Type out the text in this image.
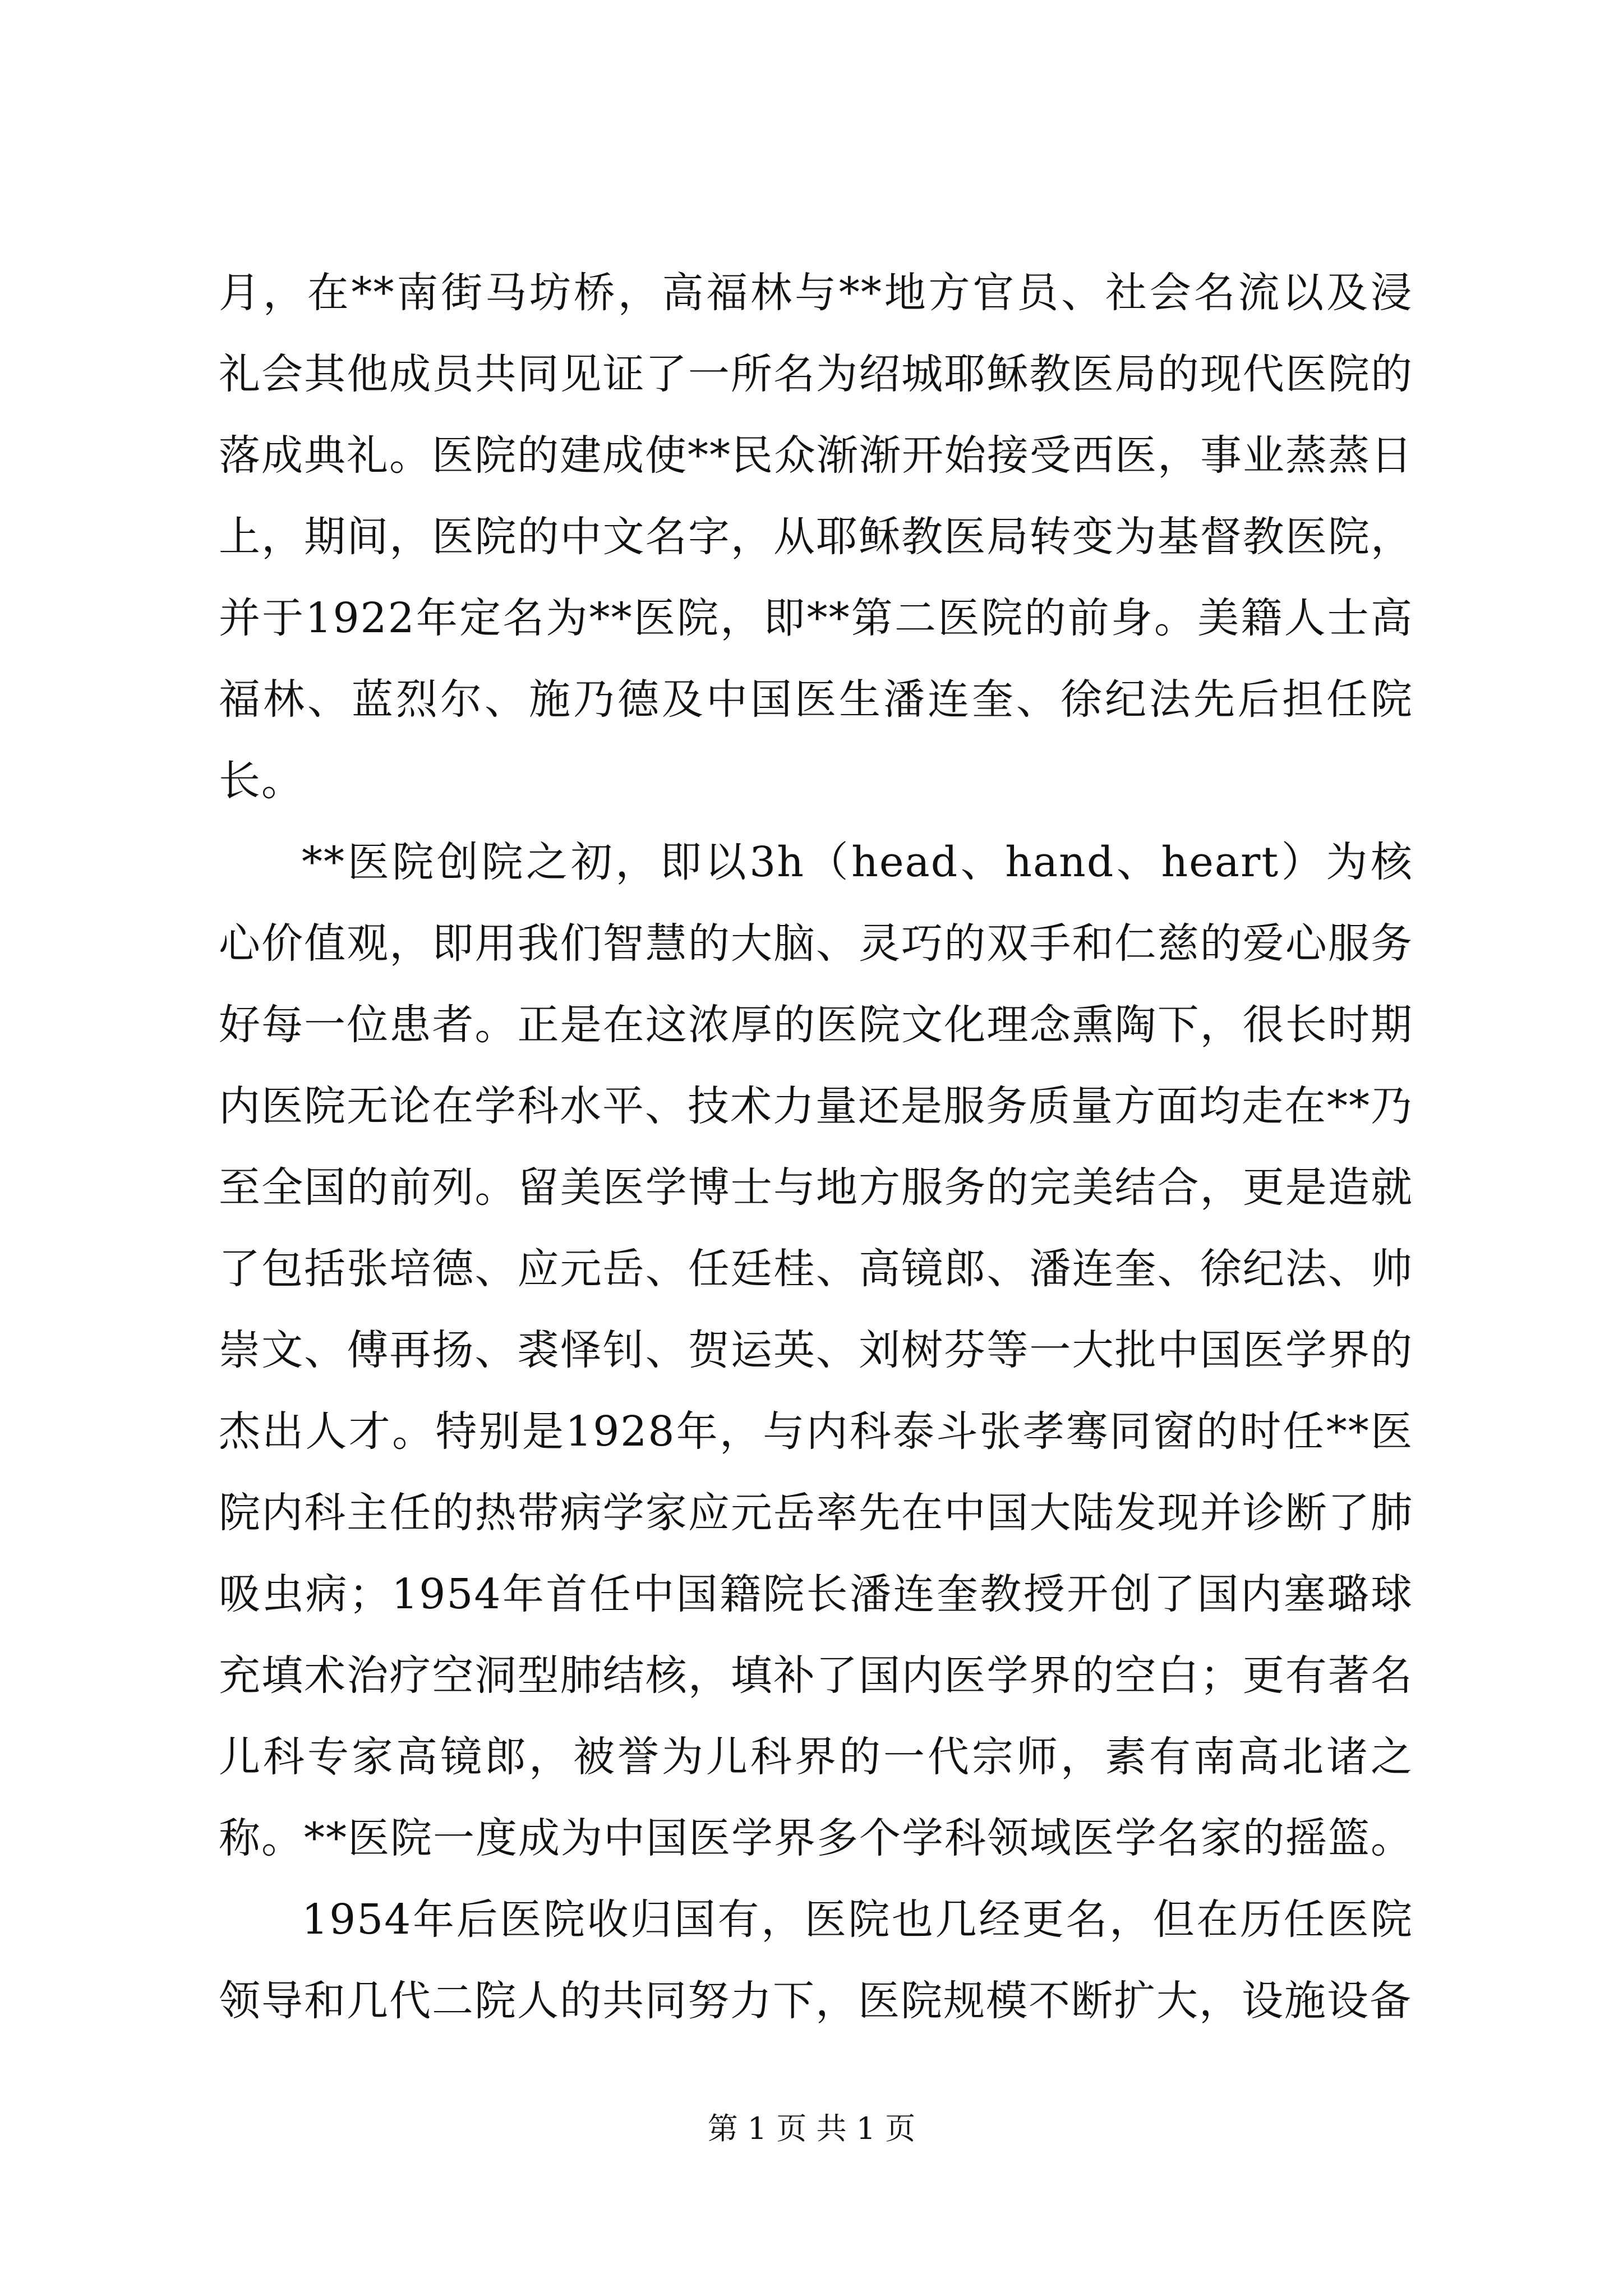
月，在**南街马坊桥，高福林与**地方官员、社会名流以及浸礼会其他成员共同见证了一所名为绍城耶稣教医局的现代医院的落成典礼。医院的建成使**民众渐渐开始接受西医，事业蒸蒸日上，期间，医院的中文名字，从耶稣教医局转变为基督教医院，并于1922年定名为**医院，即**第二医院的前身。美籍人士高福林、蓝烈尔、施乃德及中国医生潘连奎、徐纪法先后担任院长。

**医院创院之初，即以3h（head、hand、heart）为核心价值观，即用我们智慧的大脑、灵巧的双手和仁慈的爱心服务好每一位患者。正是在这浓厚的医院文化理念熏陶下，很长时期内医院无论在学科水平、技术力量还是服务质量方面均走在**乃至全国的前列。留美医学博士与地方服务的完美结合，更是造就了包括张培德、应元岳、任廷桂、高镜郎、潘连奎、徐纪法、帅崇文、傅再扬、裘怿钊、贺运英、刘树芬等一大批中国医学界的杰出人才。特别是1928年，与内科泰斗张孝骞同窗的时任**医院内科主任的热带病学家应元岳率先在中国大陆发现并诊断了肺吸虫病；1954年首任中国籍院长潘连奎教授开创了国内塞璐球充填术治疗空洞型肺结核，填补了国内医学界的空白；更有著名儿科专家高镜郎，被誉为儿科界的一代宗师，素有南高北诸之称。**医院一度成为中国医学界多个学科领域医学名家的摇篮。

1954年后医院收归国有，医院也几经更名，但在历任医院领导和几代二院人的共同努力下，医院规模不断扩大，设施设备

第 1 页 共 1 页
